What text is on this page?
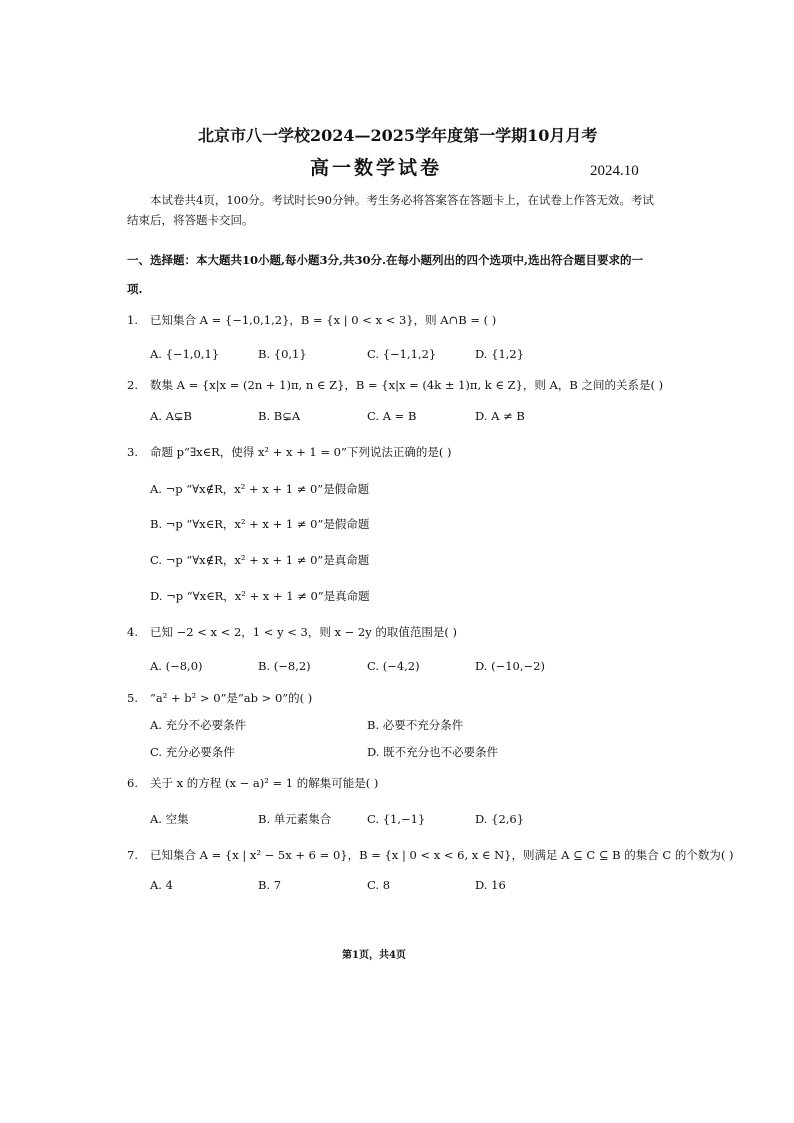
北京市八一学校2024—2025学年度第一学期10月月考
高一数学试卷	2024.10
本试卷共4页，100分。考试时长90分钟。考生务必将答案答在答题卡上，在试卷上作答无效。考试
结束后，将答题卡交回。
一、选择题：本大题共10小题,每小题3分,共30分.在每小题列出的四个选项中,选出符合题目要求的一
项.
1. 已知集合 A = {−1,0,1,2}，B = {x | 0 < x < 3}，则 A∩B = ( )
A. {−1,0,1}	B. {0,1}	C. {−1,1,2}	D. {1,2}
2. 数集 A = {x|x = (2n + 1)π, n ∈ Z}，B = {x|x = (4k ± 1)π, k ∈ Z}，则 A，B 之间的关系是( )
A. A⊊B	B. B⊊A	C. A = B	D. A ≠ B
3. 命题 p“∃x∈R，使得 x² + x + 1 = 0”下列说法正确的是( )
A. ¬p “∀x∉R，x² + x + 1 ≠ 0”是假命题
B. ¬p “∀x∈R，x² + x + 1 ≠ 0”是假命题
C. ¬p “∀x∉R，x² + x + 1 ≠ 0”是真命题
D. ¬p “∀x∈R，x² + x + 1 ≠ 0”是真命题
4. 已知 −2 < x < 2，1 < y < 3，则 x − 2y 的取值范围是( )
A. (−8,0)	B. (−8,2)	C. (−4,2)	D. (−10,−2)
5. “a² + b² > 0”是“ab > 0”的( )
A. 充分不必要条件	B. 必要不充分条件
C. 充分必要条件	D. 既不充分也不必要条件
6. 关于 x 的方程 (x − a)² = 1 的解集可能是( )
A. 空集	B. 单元素集合	C. {1,−1}	D. {2,6}
7. 已知集合 A = {x | x² − 5x + 6 = 0}，B = {x | 0 < x < 6, x ∈ N}，则满足 A ⊆ C ⊆ B 的集合 C 的个数为( )
A. 4	B. 7	C. 8	D. 16
第1页，共4页
